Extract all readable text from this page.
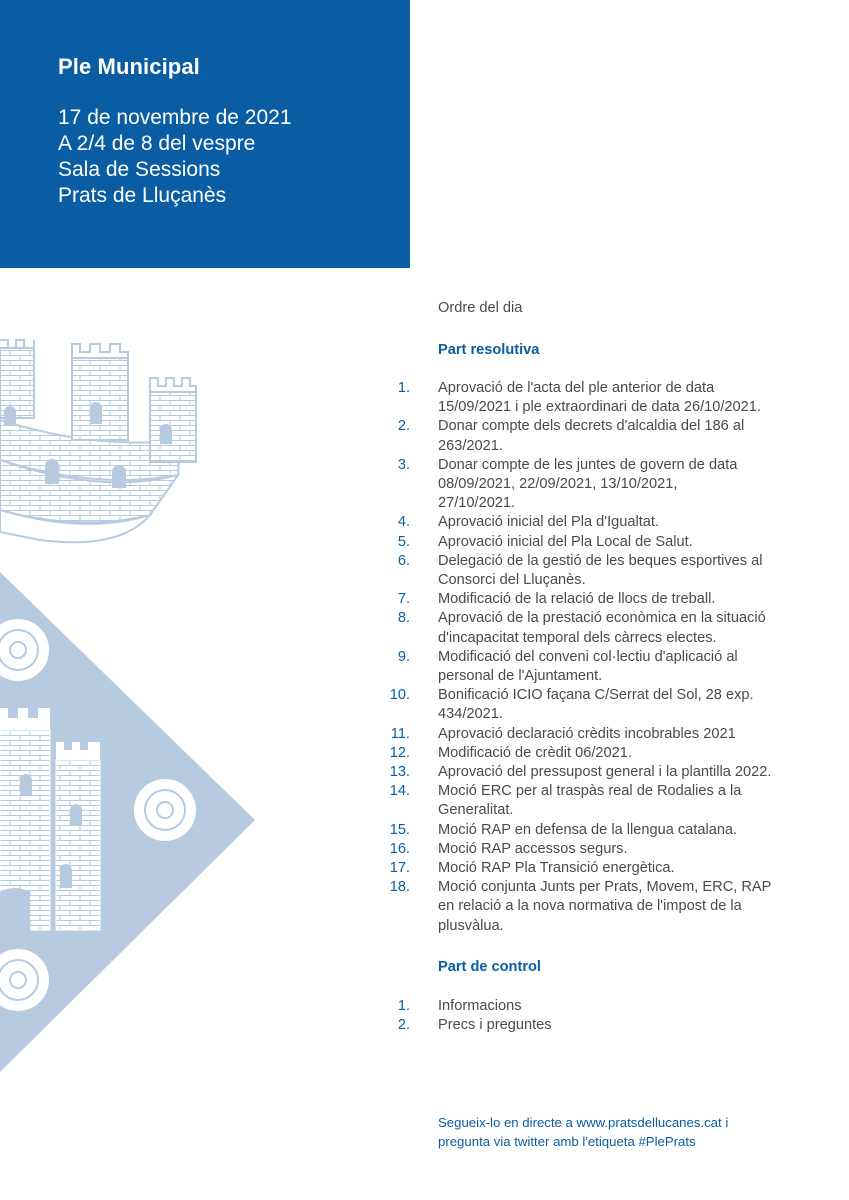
Ple Municipal
17 de novembre de 2021
A 2/4 de 8 del vespre
Sala de Sessions
Prats de Lluçanès
Ordre del dia
Part resolutiva
1. Aprovació de l'acta del ple anterior de data
15/09/2021 i ple extraordinari de data 26/10/2021.
2. Donar compte dels decrets d'alcaldia del 186 al
263/2021.
3. Donar compte de les juntes de govern de data
08/09/2021, 22/09/2021, 13/10/2021,
27/10/2021.
4. Aprovació inicial del Pla d'Igualtat.
5. Aprovació inicial del Pla Local de Salut.
6. Delegació de la gestió de les beques esportives al
Consorci del Lluçanès.
7. Modificació de la relació de llocs de treball.
8. Aprovació de la prestació econòmica en la situació
d'incapacitat temporal dels càrrecs electes.
9. Modificació del conveni col·lectiu d'aplicació al
personal de l'Ajuntament.
10. Bonificació ICIO façana C/Serrat del Sol, 28 exp.
434/2021.
11. Aprovació declaració crèdits incobrables 2021
12. Modificació de crèdit 06/2021.
13. Aprovació del pressupost general i la plantilla 2022.
14. Moció ERC per al traspàs real de Rodalies a la
Generalitat.
15. Moció RAP en defensa de la llengua catalana.
16. Moció RAP accessos segurs.
17. Moció RAP Pla Transició energètica.
18. Moció conjunta Junts per Prats, Movem, ERC, RAP
en relació a la nova normativa de l'impost de la
plusvàlua.
Part de control
1. Informacions
2. Precs i preguntes
Segueix-lo en directe a www.pratsdellucanes.cat i
pregunta via twitter amb l'etiqueta #PlePrats
